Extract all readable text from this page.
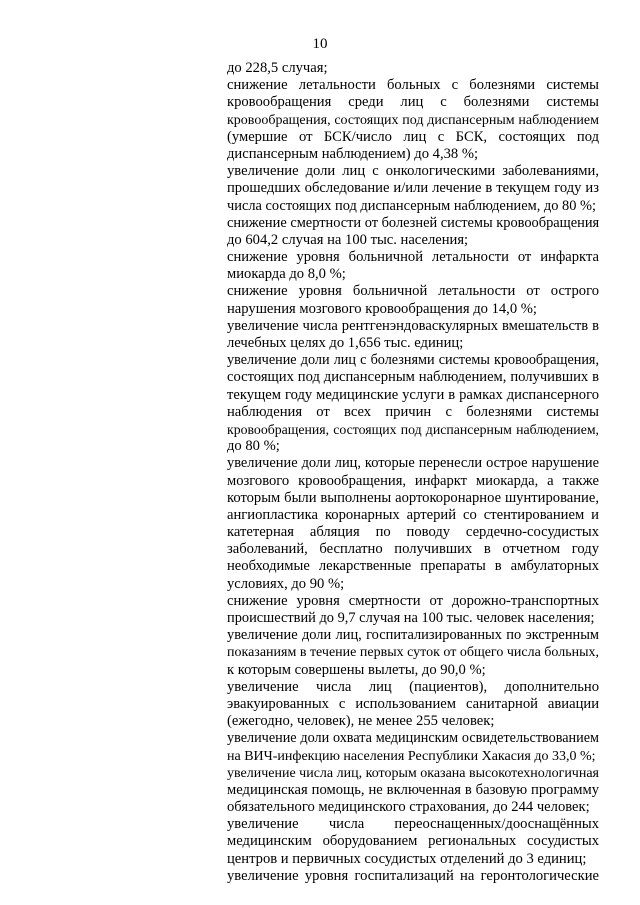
10
до 228,5 случая;
снижение летальности больных с болезнями системы
кровообращения среди лиц с болезнями системы
кровообращения, состоящих под диспансерным наблюдением
(умершие от БСК/число лиц с БСК, состоящих под
диспансерным наблюдением) до 4,38 %;
увеличение доли лиц с онкологическими заболеваниями,
прошедших обследование и/или лечение в текущем году из
числа состоящих под диспансерным наблюдением, до 80 %;
снижение смертности от болезней системы кровообращения
до 604,2 случая на 100 тыс. населения;
снижение уровня больничной летальности от инфаркта
миокарда до 8,0 %;
снижение уровня больничной летальности от острого
нарушения мозгового кровообращения до 14,0 %;
увеличение числа рентгенэндоваскулярных вмешательств в
лечебных целях до 1,656 тыс. единиц;
увеличение доли лиц с болезнями системы кровообращения,
состоящих под диспансерным наблюдением, получивших в
текущем году медицинские услуги в рамках диспансерного
наблюдения от всех причин с болезнями системы
кровообращения, состоящих под диспансерным наблюдением,
до 80 %;
увеличение доли лиц, которые перенесли острое нарушение
мозгового кровообращения, инфаркт миокарда, а также
которым были выполнены аортокоронарное шунтирование,
ангиопластика коронарных артерий со стентированием и
катетерная абляция по поводу сердечно-сосудистых
заболеваний, бесплатно получивших в отчетном году
необходимые лекарственные препараты в амбулаторных
условиях, до 90 %;
снижение уровня смертности от дорожно-транспортных
происшествий до 9,7 случая на 100 тыс. человек населения;
увеличение доли лиц, госпитализированных по экстренным
показаниям в течение первых суток от общего числа больных,
к которым совершены вылеты, до 90,0 %;
увеличение числа лиц (пациентов), дополнительно
эвакуированных с использованием санитарной авиации
(ежегодно, человек), не менее 255 человек;
увеличение доли охвата медицинским освидетельствованием
на ВИЧ-инфекцию населения Республики Хакасия до 33,0 %;
увеличение числа лиц, которым оказана высокотехнологичная
медицинская помощь, не включенная в базовую программу
обязательного медицинского страхования, до 244 человек;
увеличение числа переоснащенных/дооснащённых
медицинским оборудованием региональных сосудистых
центров и первичных сосудистых отделений до 3 единиц;
увеличение уровня госпитализаций на геронтологические
